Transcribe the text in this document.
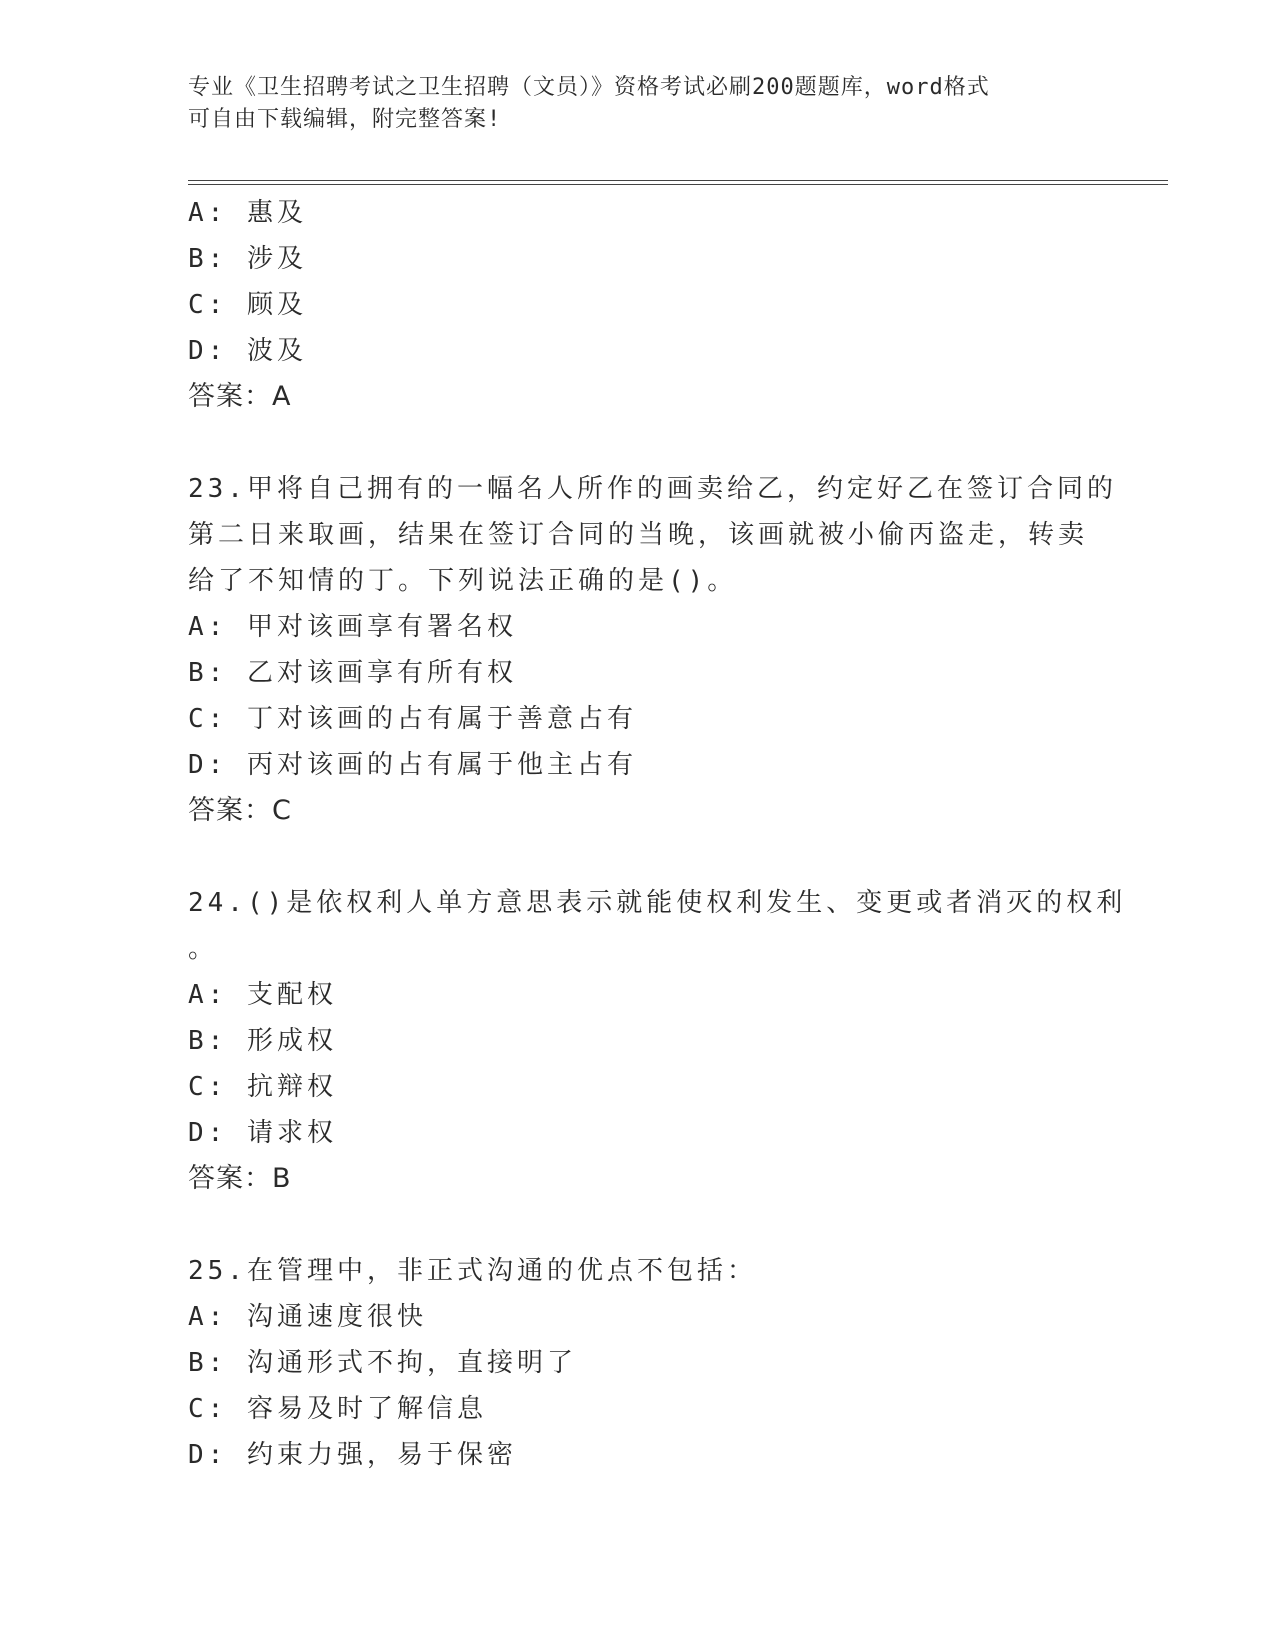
专业《卫生招聘考试之卫生招聘（文员）》资格考试必刷200题题库，word格式
可自由下载编辑，附完整答案!
A: 惠及
B: 涉及
C: 顾及
D: 波及
答案：A
23.甲将自己拥有的一幅名人所作的画卖给乙，约定好乙在签订合同的
第二日来取画，结果在签订合同的当晚，该画就被小偷丙盗走，转卖
给了不知情的丁。下列说法正确的是()。
A: 甲对该画享有署名权
B: 乙对该画享有所有权
C: 丁对该画的占有属于善意占有
D: 丙对该画的占有属于他主占有
答案：C
24.()是依权利人单方意思表示就能使权利发生、变更或者消灭的权利
。
A: 支配权
B: 形成权
C: 抗辩权
D: 请求权
答案：B
25.在管理中，非正式沟通的优点不包括：
A: 沟通速度很快
B: 沟通形式不拘，直接明了
C: 容易及时了解信息
D: 约束力强，易于保密
